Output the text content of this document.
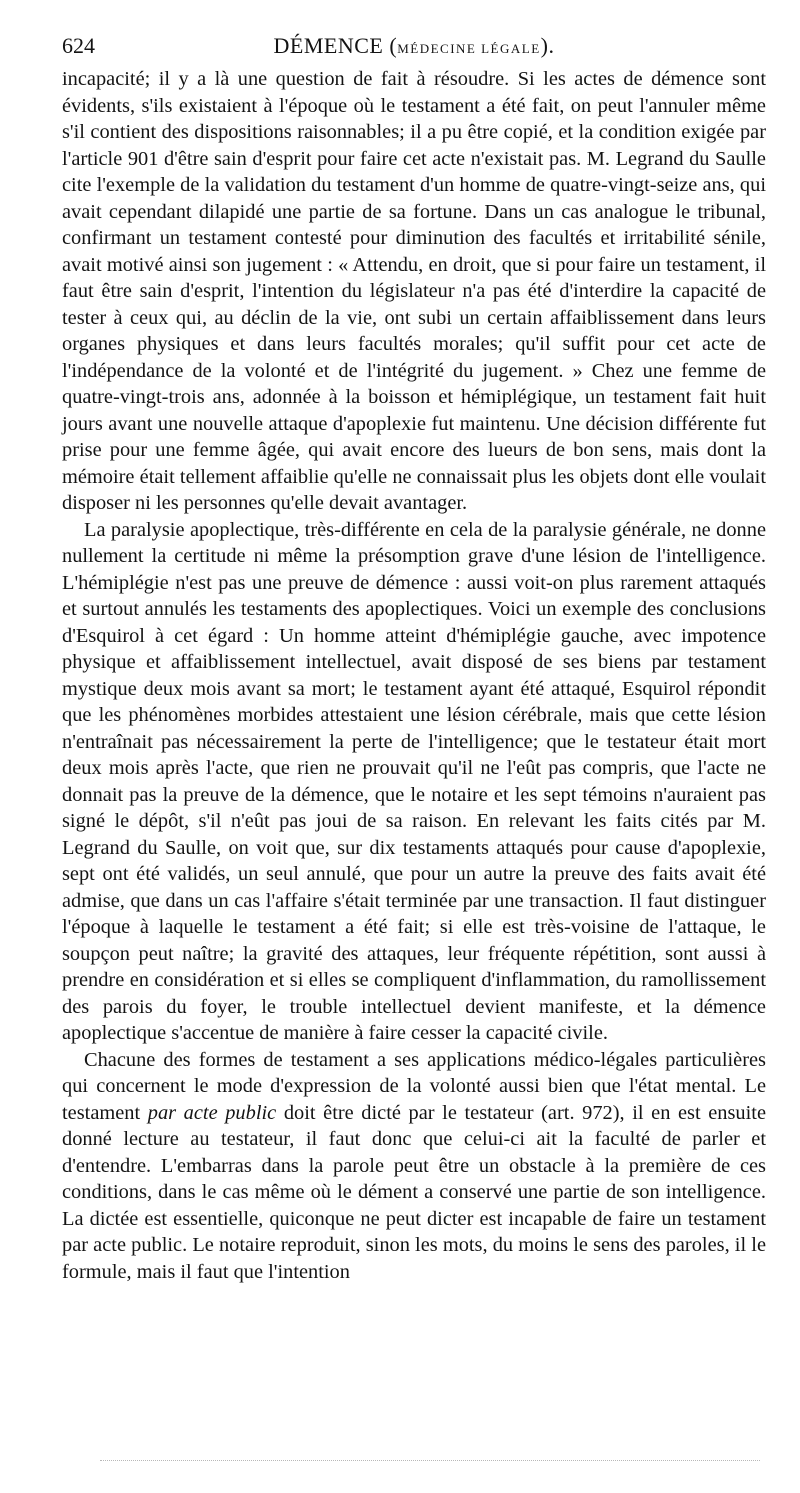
624	DÉMENCE (MÉDECINE LÉGALE).

incapacité; il y a là une question de fait à résoudre. Si les actes de démence sont évidents, s'ils existaient à l'époque où le testament a été fait, on peut l'annuler même s'il contient des dispositions raisonnables; il a pu être copié, et la condition exigée par l'article 901 d'être sain d'esprit pour faire cet acte n'existait pas. M. Legrand du Saulle cite l'exemple de la validation du testament d'un homme de quatre-vingt-seize ans, qui avait cependant dilapidé une partie de sa fortune. Dans un cas analogue le tribunal, confirmant un testament contesté pour diminution des facultés et irritabilité sénile, avait motivé ainsi son jugement : « Attendu, en droit, que si pour faire un testament, il faut être sain d'esprit, l'intention du législateur n'a pas été d'interdire la capacité de tester à ceux qui, au déclin de la vie, ont subi un certain affaiblissement dans leurs organes physiques et dans leurs facultés morales; qu'il suffit pour cet acte de l'indépendance de la volonté et de l'intégrité du jugement. » Chez une femme de quatre-vingt-trois ans, adonnée à la boisson et hémiplégique, un testament fait huit jours avant une nouvelle attaque d'apoplexie fut maintenu. Une décision différente fut prise pour une femme âgée, qui avait encore des lueurs de bon sens, mais dont la mémoire était tellement affaiblie qu'elle ne connaissait plus les objets dont elle voulait disposer ni les personnes qu'elle devait avantager.

La paralysie apoplectique, très-différente en cela de la paralysie générale, ne donne nullement la certitude ni même la présomption grave d'une lésion de l'intelligence. L'hémiplégie n'est pas une preuve de démence : aussi voit-on plus rarement attaqués et surtout annulés les testaments des apoplectiques. Voici un exemple des conclusions d'Esquirol à cet égard : Un homme atteint d'hémiplégie gauche, avec impotence physique et affaiblissement intellectuel, avait disposé de ses biens par testament mystique deux mois avant sa mort; le testament ayant été attaqué, Esquirol répondit que les phénomènes morbides attestaient une lésion cérébrale, mais que cette lésion n'entraînait pas nécessairement la perte de l'intelligence; que le testateur était mort deux mois après l'acte, que rien ne prouvait qu'il ne l'eût pas compris, que l'acte ne donnait pas la preuve de la démence, que le notaire et les sept témoins n'auraient pas signé le dépôt, s'il n'eût pas joui de sa raison. En relevant les faits cités par M. Legrand du Saulle, on voit que, sur dix testaments attaqués pour cause d'apoplexie, sept ont été validés, un seul annulé, que pour un autre la preuve des faits avait été admise, que dans un cas l'affaire s'était terminée par une transaction. Il faut distinguer l'époque à laquelle le testament a été fait; si elle est très-voisine de l'attaque, le soupçon peut naître; la gravité des attaques, leur fréquente répétition, sont aussi à prendre en considération et si elles se compliquent d'inflammation, du ramollissement des parois du foyer, le trouble intellectuel devient manifeste, et la démence apoplectique s'accentue de manière à faire cesser la capacité civile.

Chacune des formes de testament a ses applications médico-légales particulières qui concernent le mode d'expression de la volonté aussi bien que l'état mental. Le testament par acte public doit être dicté par le testateur (art. 972), il en est ensuite donné lecture au testateur, il faut donc que celui-ci ait la faculté de parler et d'entendre. L'embarras dans la parole peut être un obstacle à la première de ces conditions, dans le cas même où le dément a conservé une partie de son intelligence. La dictée est essentielle, quiconque ne peut dicter est incapable de faire un testament par acte public. Le notaire reproduit, sinon les mots, du moins le sens des paroles, il le formule, mais il faut que l'intention
